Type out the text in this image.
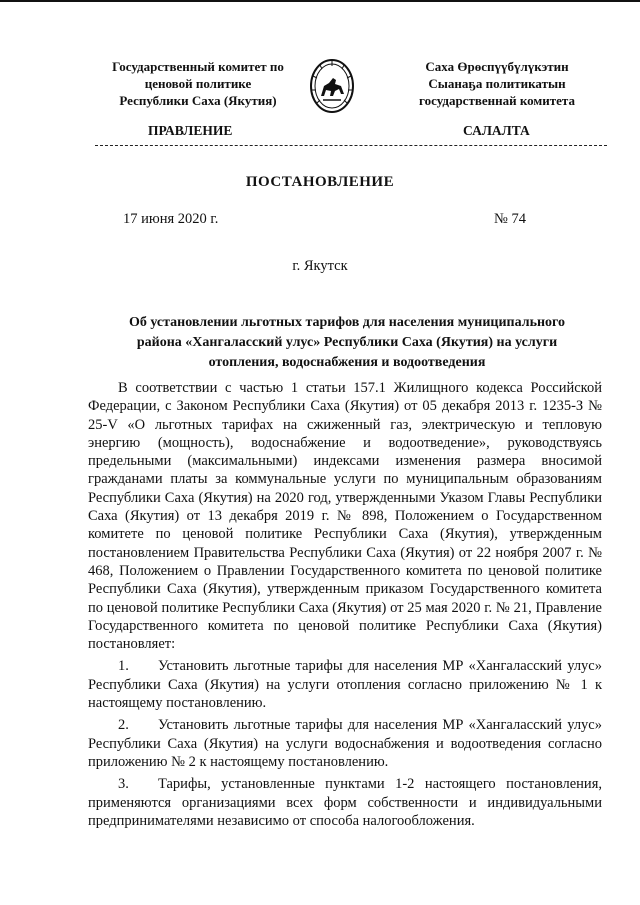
Государственный комитет по
ценовой политике
Республики Саха (Якутия)
Саха Өрөспүүбүлүкэтин
Сыанаҕа политикатын
государственнай комитета
ПРАВЛЕНИЕ	САЛАЛТА
ПОСТАНОВЛЕНИЕ
17 июня 2020 г.	№ 74
г. Якутск
Об установлении льготных тарифов для населения муниципального района «Хангаласский улус» Республики Саха (Якутия) на услуги отопления, водоснабжения и водоотведения

В соответствии с частью 1 статьи 157.1 Жилищного кодекса Российской Федерации, с Законом Республики Саха (Якутия) от 05 декабря 2013 г. 1235-З № 25-V «О льготных тарифах на сжиженный газ, электрическую и тепловую энергию (мощность), водоснабжение и водоотведение», руководствуясь предельными (максимальными) индексами изменения размера вносимой гражданами платы за коммунальные услуги по муниципальным образованиям Республики Саха (Якутия) на 2020 год, утвержденными Указом Главы Республики Саха (Якутия) от 13 декабря 2019 г. № 898, Положением о Государственном комитете по ценовой политике Республики Саха (Якутия), утвержденным постановлением Правительства Республики Саха (Якутия) от 22 ноября 2007 г. № 468, Положением о Правлении Государственного комитета по ценовой политике Республики Саха (Якутия), утвержденным приказом Государственного комитета по ценовой политике Республики Саха (Якутия) от 25 мая 2020 г. № 21, Правление Государственного комитета по ценовой политике Республики Саха (Якутия) постановляет:

1. Установить льготные тарифы для населения МР «Хангаласский улус» Республики Саха (Якутия) на услуги отопления согласно приложению № 1 к настоящему постановлению.

2. Установить льготные тарифы для населения МР «Хангаласский улус» Республики Саха (Якутия) на услуги водоснабжения и водоотведения согласно приложению № 2 к настоящему постановлению.

3. Тарифы, установленные пунктами 1-2 настоящего постановления, применяются организациями всех форм собственности и индивидуальными предпринимателями независимо от способа налогообложения.
